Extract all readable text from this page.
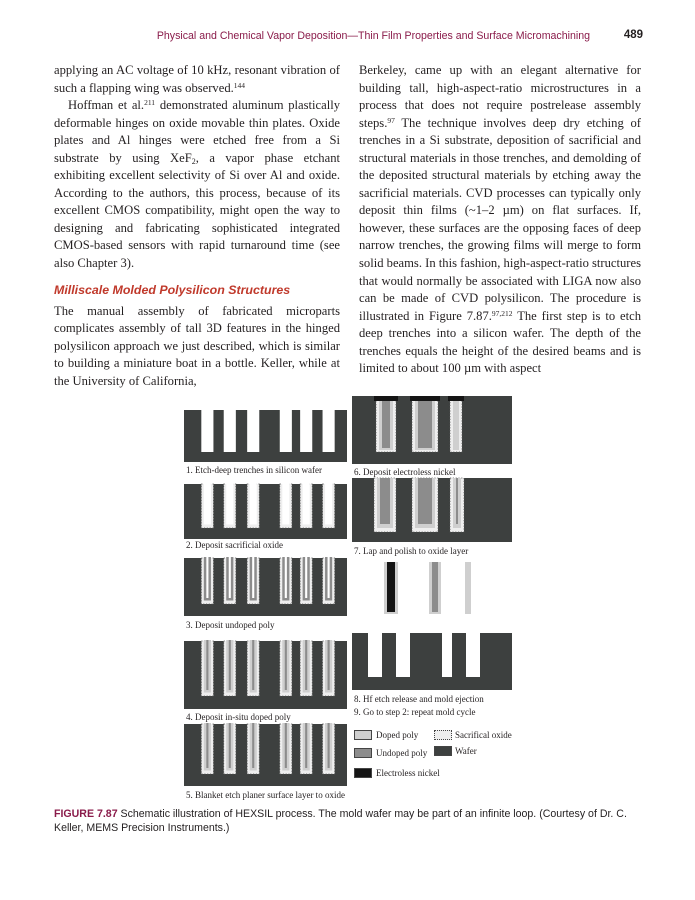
Physical and Chemical Vapor Deposition—Thin Film Properties and Surface Micromachining	489

applying an AC voltage of 10 kHz, resonant vibration of such a flapping wing was observed.$^{144}$

Hoffman et al.$^{211}$ demonstrated aluminum plastically deformable hinges on oxide movable thin plates. Oxide plates and Al hinges were etched free from a Si substrate by using XeF$_2$, a vapor phase etchant exhibiting excellent selectivity of Si over Al and oxide. According to the authors, this process, because of its excellent CMOS compatibility, might open the way to designing and fabricating sophisticated integrated CMOS-based sensors with rapid turnaround time (see also Chapter 3).

Milliscale Molded Polysilicon Structures

The manual assembly of fabricated microparts complicates assembly of tall 3D features in the hinged polysilicon approach we just described, which is similar to building a miniature boat in a bottle. Keller, while at the University of California,

Berkeley, came up with an elegant alternative for building tall, high-aspect-ratio microstructures in a process that does not require postrelease assembly steps.$^{97}$ The technique involves deep dry etching of trenches in a Si substrate, deposition of sacrificial and structural materials in those trenches, and demolding of the deposited structural materials by etching away the sacrificial materials. CVD processes can typically only deposit thin films (~1–2 µm) on flat surfaces. If, however, these surfaces are the opposing faces of deep narrow trenches, the growing films will merge to form solid beams. In this fashion, high-aspect-ratio structures that would normally be associated with LIGA now also can be made of CVD polysilicon. The procedure is illustrated in Figure 7.87.$^{97,212}$ The first step is to etch deep trenches into a silicon wafer. The depth of the trenches equals the height of the desired beams and is limited to about 100 µm with aspect

1. Etch-deep trenches in silicon wafer
2. Deposit sacrificial oxide
3. Deposit undoped poly
4. Deposit in-situ doped poly
5. Blanket etch planer surface layer to oxide
6. Deposit electroless nickel
7. Lap and polish to oxide layer
8. Hf etch release and mold ejection
9. Go to step 2: repeat mold cycle
Doped poly	Sacrifical oxide
Undoped poly	Wafer
Electroless nickel
FIGURE 7.87 Schematic illustration of HEXSIL process. The mold wafer may be part of an infinite loop. (Courtesy of Dr. C. Keller, MEMS Precision Instruments.)
